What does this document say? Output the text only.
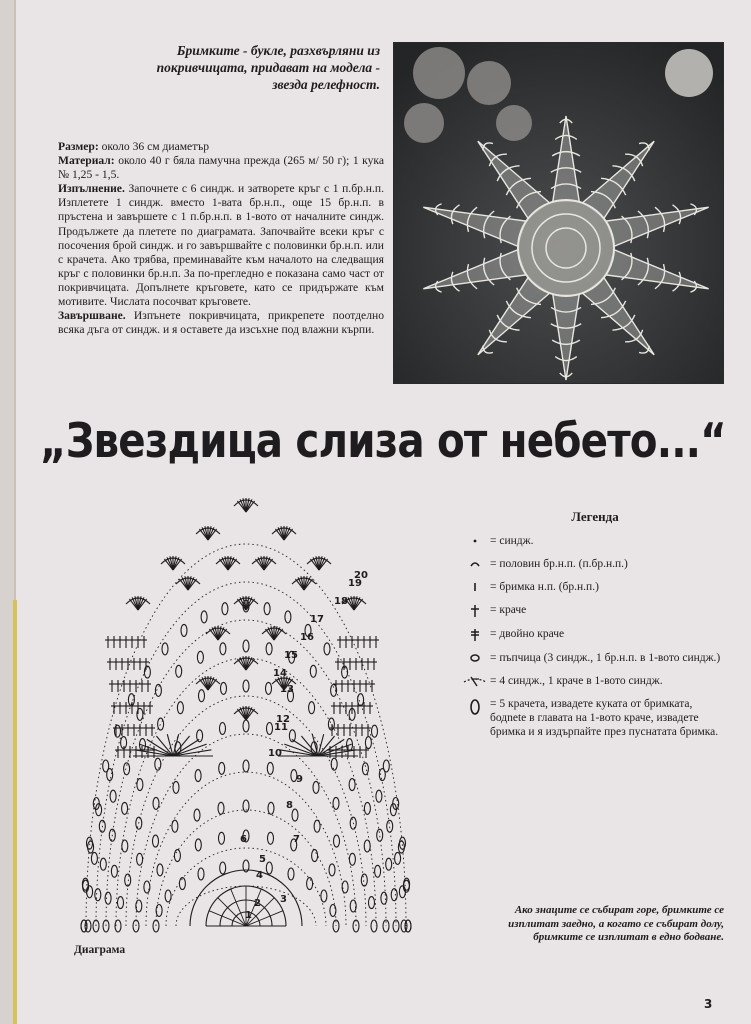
Бримките - букле, разхвърляни из покривчицата, придават на модела - звезда релефност.

Размер: около 36 см диаметър

Материал: около 40 г бяла памучна прежда (265 м/ 50 г); 1 кука № 1,25 - 1,5.

Изпълнение. Започнете с 6 синдж. и затворете кръг с 1 п.бр.н.п. Изплетете 1 синдж. вместо 1-вата бр.н.п., още 15 бр.н.п. в пръстена и завършете с 1 п.бр.н.п. в 1-вото от началните синдж. Продължете да плетете по диаграмата. Започвайте всеки кръг с посочения брой синдж. и го завършвайте с половинки бр.н.п. или с крачета. Ако трябва, преминавайте към началото на следващия кръг с половинки бр.н.п. За по-прегледно е показана само част от покривчицата. Допълнете кръговете, като се придържате към мотивите. Числата посочват кръговете.

Завършване. Изпънете покривчицата, прикрепете поотделно всяка дъга от синдж. и я оставете да изсъхне под влажни кърпи.

„Звездица слиза от небето...“
1
2 3
4
5
6	7
8
9
10
11
12
13
14
15
16
17
18
19
20
Диаграма
Легенда
= синдж.
= половин бр.н.п. (п.бр.н.п.)
= бримка н.п. (бр.н.п.)
= краче
= двойно краче
= пъпчица (3 синдж., 1 бр.н.п. в 1-вото синдж.)
= 4 синдж., 1 краче в 1-вото синдж.
= 5 крачета, извадете куката от бримката, бодnete в главата на 1-вото краче, извадете бримка и я издърпайте през пуснатата бримка.
Ако знаците се събират горе, бримките се изплитат заедно, а когато се събират долу, бримките се изплитат в едно бодване.
3
